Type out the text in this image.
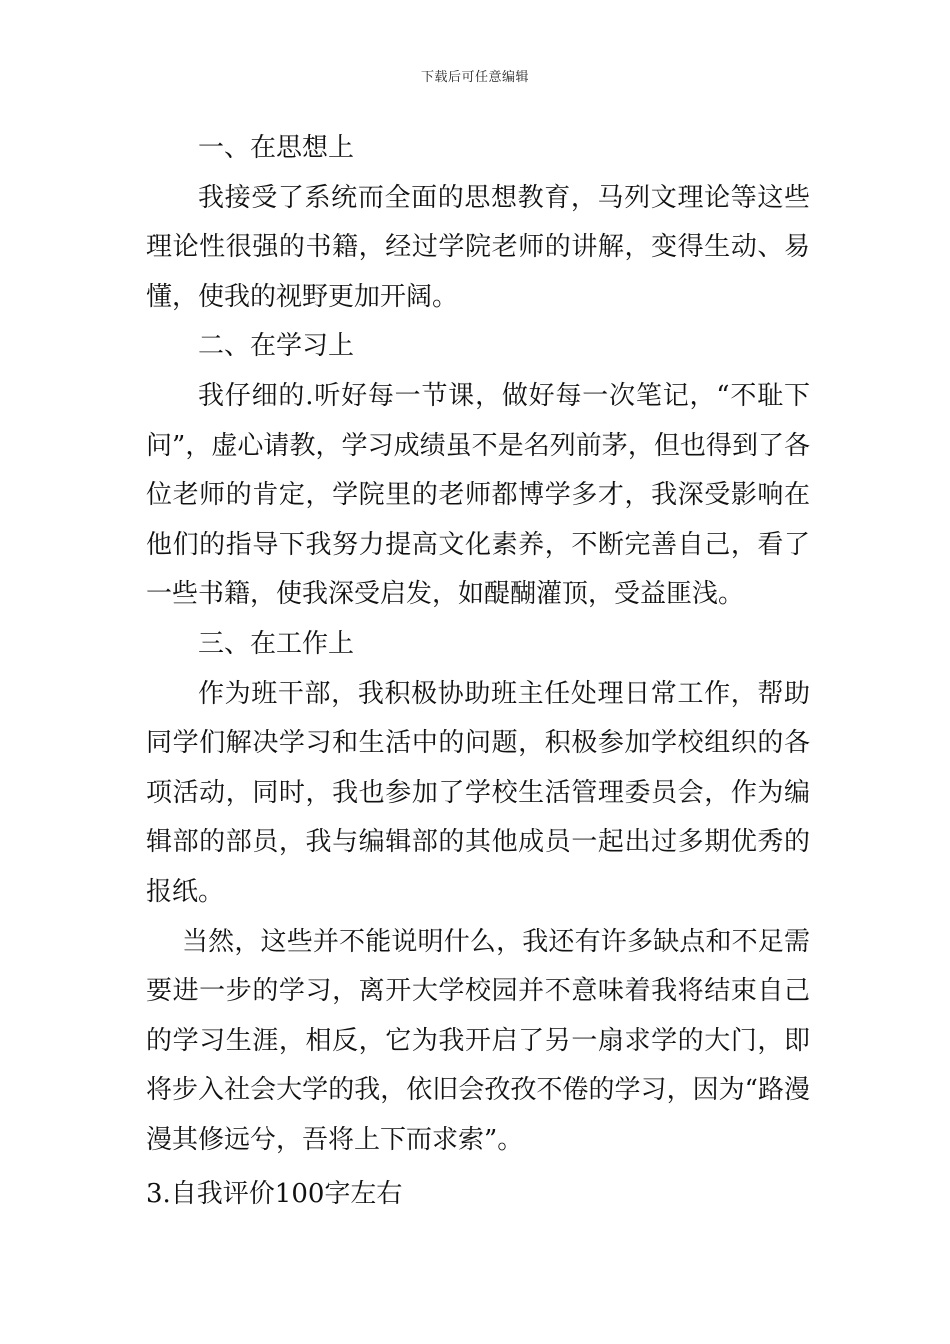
下载后可任意编辑

一、在思想上

我接受了系统而全面的思想教育，马列文理论等这些理论性很强的书籍，经过学院老师的讲解，变得生动、易懂，使我的视野更加开阔。

二、在学习上

我仔细的.听好每一节课，做好每一次笔记，“不耻下问”，虚心请教，学习成绩虽不是名列前茅，但也得到了各位老师的肯定，学院里的老师都博学多才，我深受影响在他们的指导下我努力提高文化素养，不断完善自己，看了一些书籍，使我深受启发，如醍醐灌顶，受益匪浅。

三、在工作上

作为班干部，我积极协助班主任处理日常工作，帮助同学们解决学习和生活中的问题，积极参加学校组织的各项活动，同时，我也参加了学校生活管理委员会，作为编辑部的部员，我与编辑部的其他成员一起出过多期优秀的报纸。

当然，这些并不能说明什么，我还有许多缺点和不足需要进一步的学习，离开大学校园并不意味着我将结束自己的学习生涯，相反，它为我开启了另一扇求学的大门，即将步入社会大学的我，依旧会孜孜不倦的学习，因为“路漫漫其修远兮，吾将上下而求索”。

3.自我评价100字左右
